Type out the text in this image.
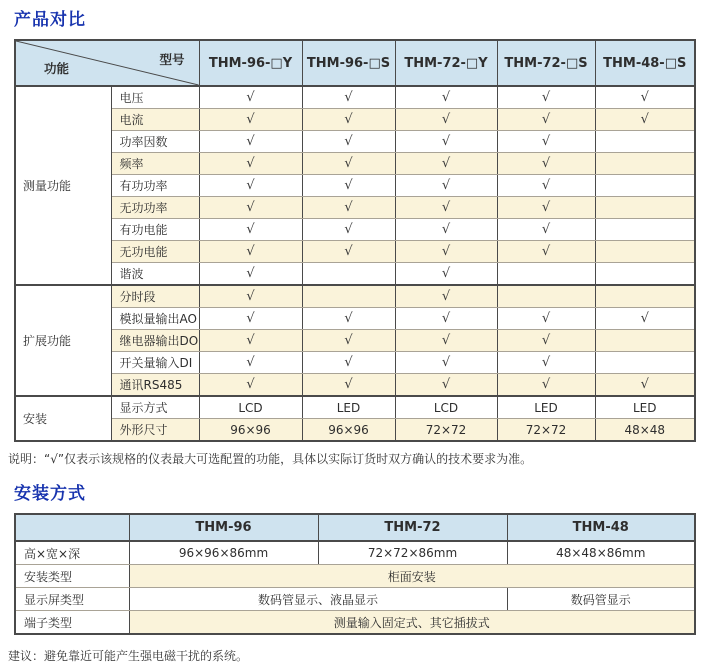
产品对比
型号
功能		THM-96-□Y	THM-96-□S	THM-72-□Y	THM-72-□S	THM-48-□S
测量功能	电压	√	√	√	√	√
	电流	√	√	√	√	√
	功率因数	√	√	√	√	
	频率	√	√	√	√	
	有功功率	√	√	√	√	
	无功功率	√	√	√	√	
	有功电能	√	√	√	√	
	无功电能	√	√	√	√	
	谐波	√		√		
扩展功能	分时段	√		√		
	模拟量输出AO	√	√	√	√	√
	继电器输出DO	√	√	√	√	
	开关量输入DI	√	√	√	√	
	通讯RS485	√	√	√	√	√
安装	显示方式	LCD	LED	LCD	LED	LED
	外形尺寸	96×96	96×96	72×72	72×72	48×48

说明：“√”仅表示该规格的仪表最大可选配置的功能，具体以实际订货时双方确认的技术要求为准。

安装方式
	THM-96	THM-72	THM-48
高×宽×深	96×96×86mm	72×72×86mm	48×48×86mm
安装类型	柜面安装		
显示屏类型	数码管显示、液晶显示		数码管显示
端子类型	测量输入固定式、其它插拔式		

建议：避免靠近可能产生强电磁干扰的系统。
